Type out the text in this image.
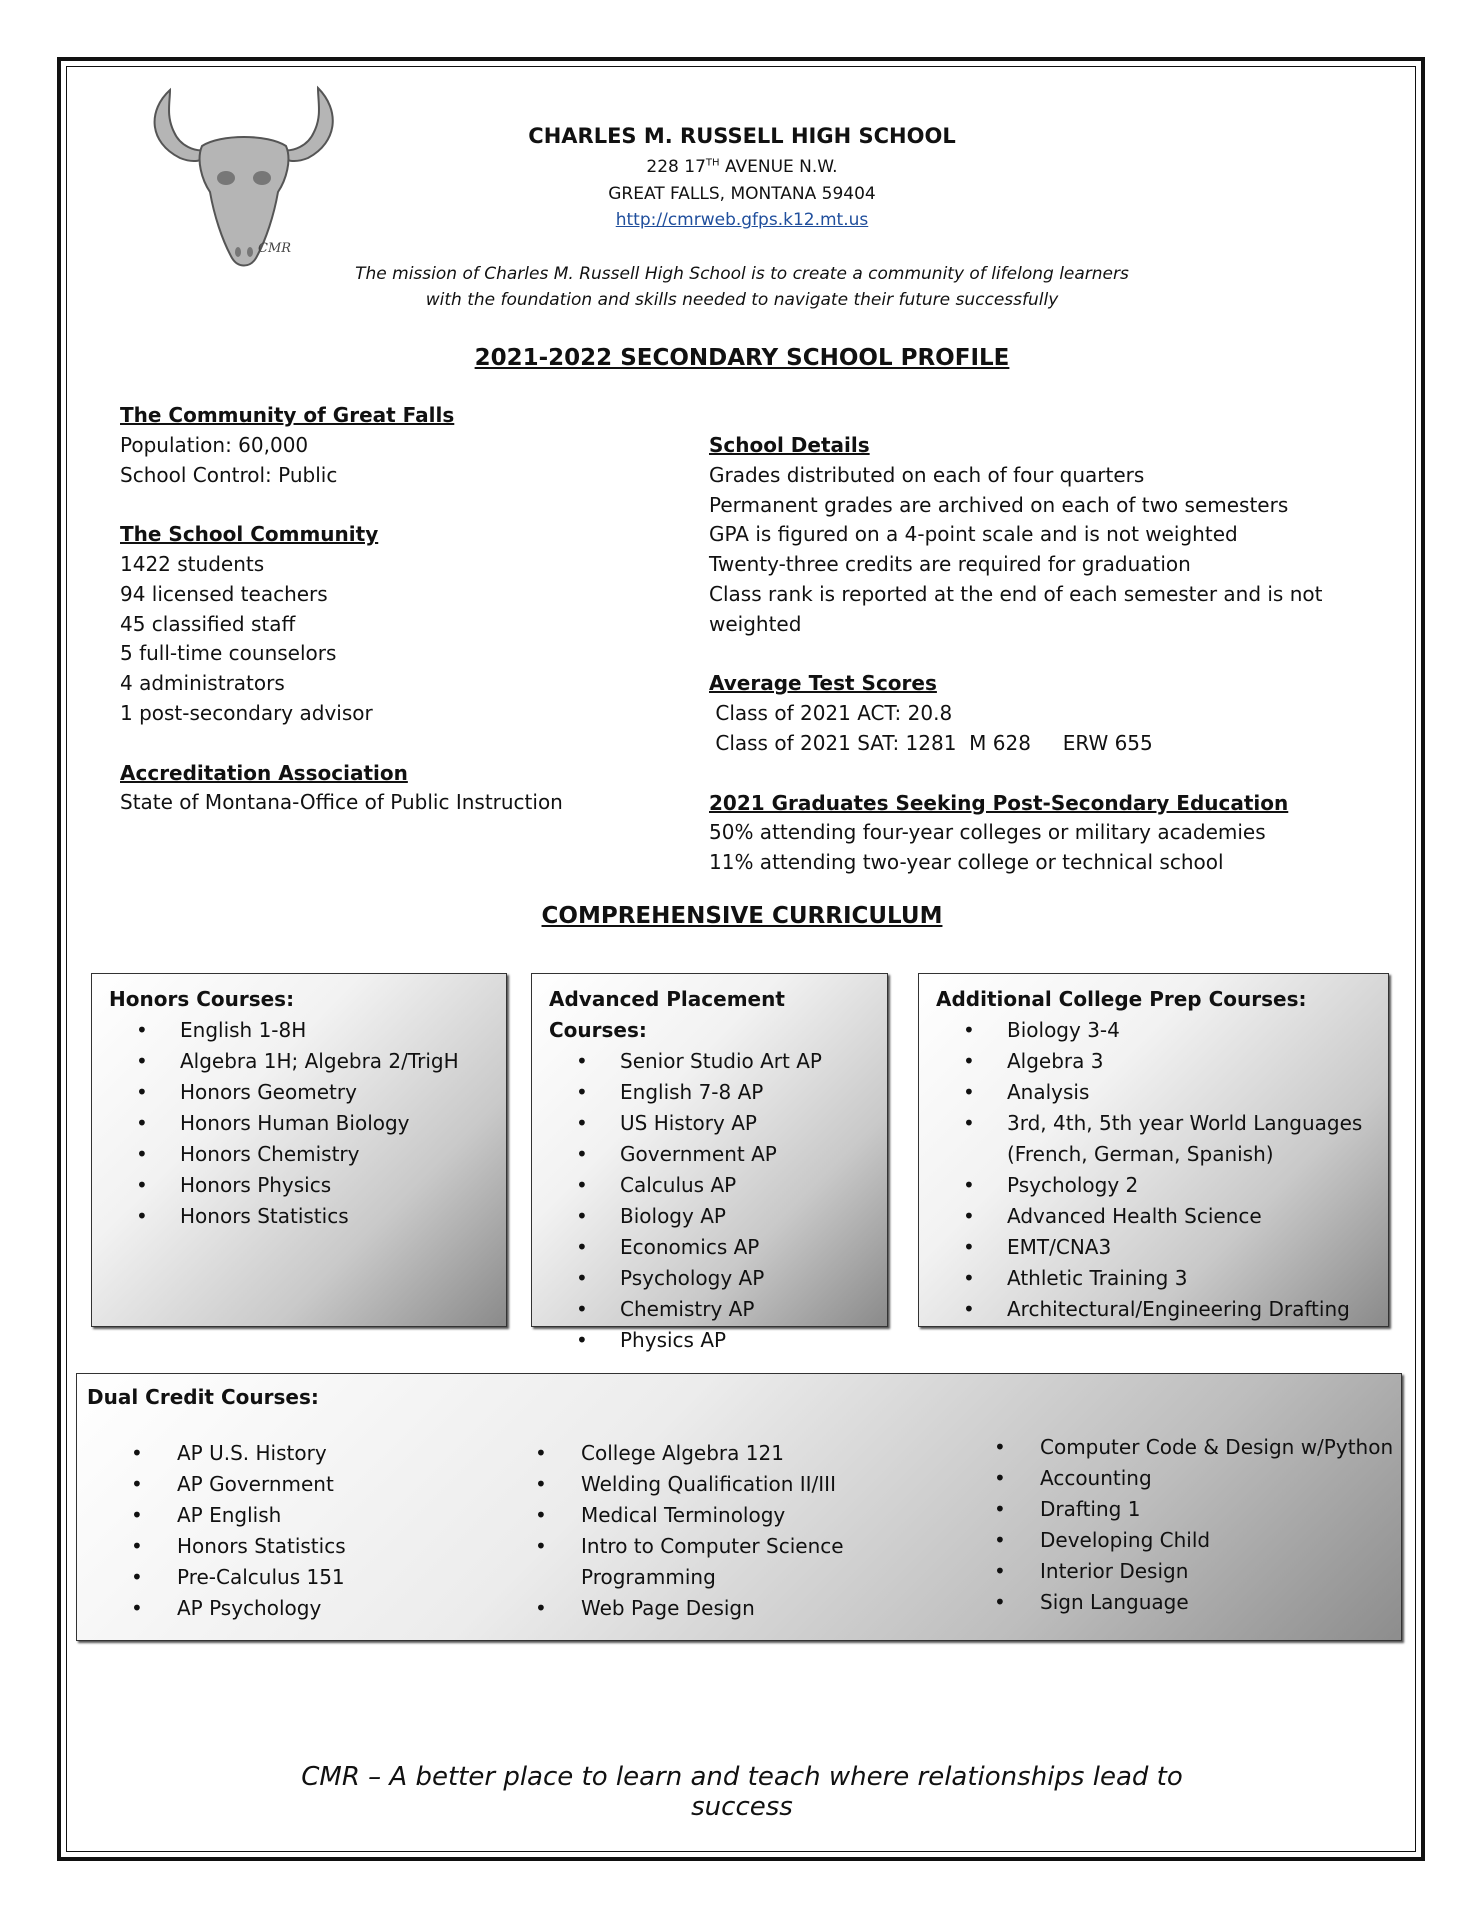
CMR
CHARLES M. RUSSELL HIGH SCHOOL
228 17TH AVENUE N.W.
GREAT FALLS, MONTANA 59404
http://cmrweb.gfps.k12.mt.us
The mission of Charles M. Russell High School is to create a community of lifelong learners
with the foundation and skills needed to navigate their future successfully
2021-2022 SECONDARY SCHOOL PROFILE
The Community of Great Falls
Population: 60,000
School Control: Public
The School Community
1422 students
94 licensed teachers
45 classified staff
5 full-time counselors
4 administrators
1 post-secondary advisor
Accreditation Association
State of Montana-Office of Public Instruction
School Details
Grades distributed on each of four quarters
Permanent grades are archived on each of two semesters
GPA is figured on a 4-point scale and is not weighted
Twenty-three credits are required for graduation
Class rank is reported at the end of each semester and is not weighted
Average Test Scores
Class of 2021 ACT: 20.8
Class of 2021 SAT: 1281  M 628     ERW 655
2021 Graduates Seeking Post-Secondary Education
50% attending four-year colleges or military academies
11% attending two-year college or technical school
COMPREHENSIVE CURRICULUM
Honors Courses:
• English 1-8H
• Algebra 1H; Algebra 2/TrigH
• Honors Geometry
• Honors Human Biology
• Honors Chemistry
• Honors Physics
• Honors Statistics
Advanced Placement Courses:
• Senior Studio Art AP
• English 7-8 AP
• US History AP
• Government AP
• Calculus AP
• Biology AP
• Economics AP
• Psychology AP
• Chemistry AP
• Physics AP
Additional College Prep Courses:
• Biology 3-4
• Algebra 3
• Analysis
• 3rd, 4th, 5th year World Languages (French, German, Spanish)
• Psychology 2
• Advanced Health Science
• EMT/CNA3
• Athletic Training 3
• Architectural/Engineering Drafting
Dual Credit Courses:
• AP U.S. History
• AP Government
• AP English
• Honors Statistics
• Pre-Calculus 151
• AP Psychology
• College Algebra 121
• Welding Qualification II/III
• Medical Terminology
• Intro to Computer Science Programming
• Web Page Design
• Computer Code & Design w/Python
• Accounting
• Drafting 1
• Developing Child
• Interior Design
• Sign Language
CMR – A better place to learn and teach where relationships lead to success
